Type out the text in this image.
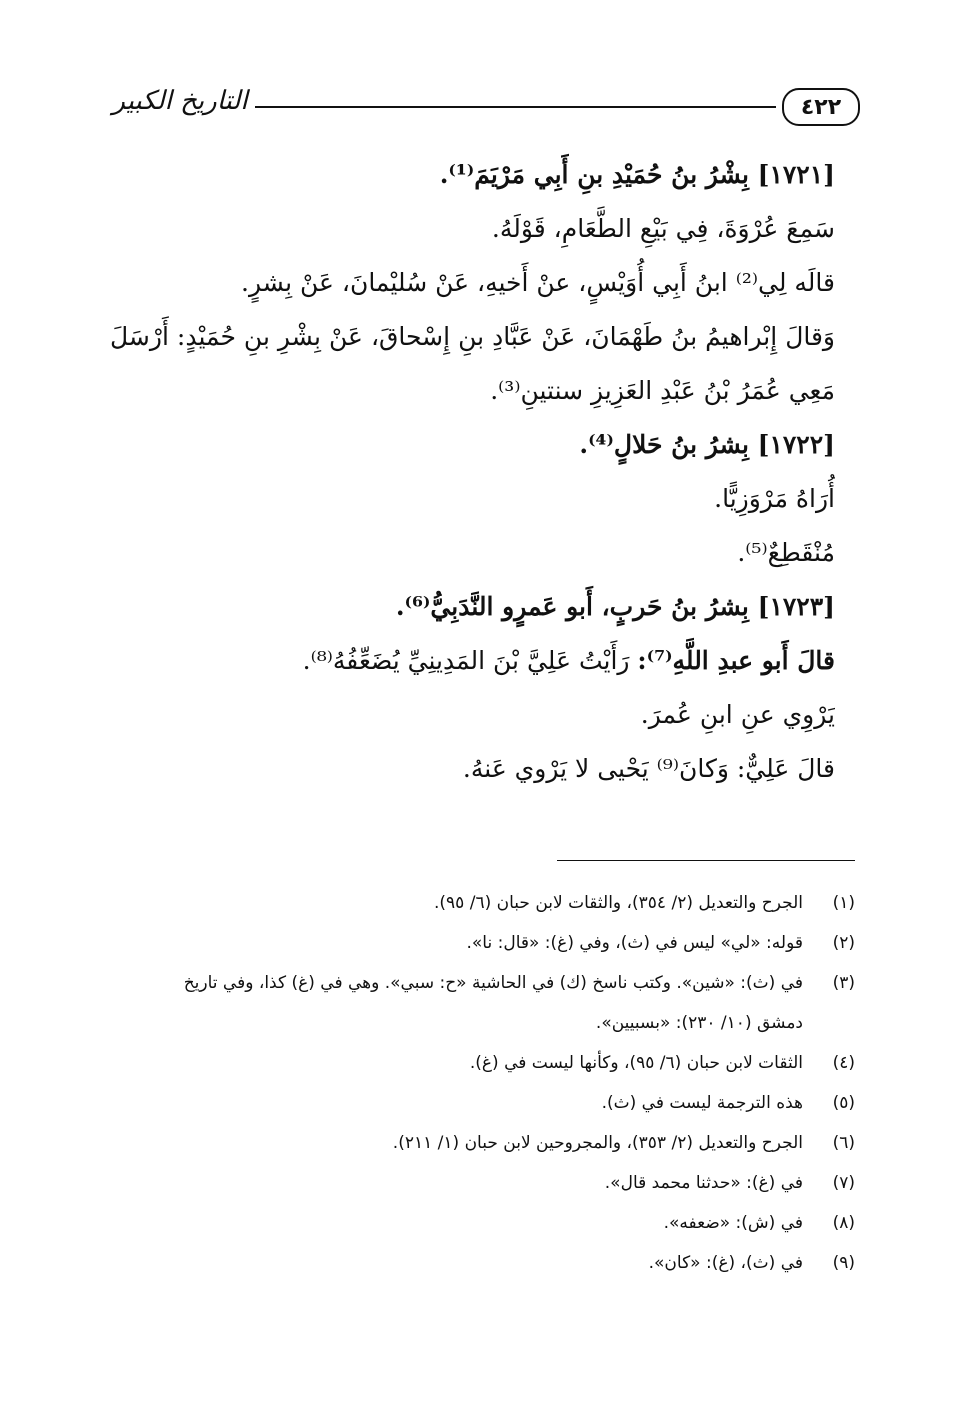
التاريخ الكبير	٤٢٢
[١٧٢١] بِشْرُ بنُ حُمَيْدِ بنِ أَبِي مَرْيَمَ⁽¹⁾.
سَمِعَ عُرْوَةَ، فِي بَيْعِ الطَّعَامِ، قَوْلَهُ.
قالَه لِي⁽²⁾ ابنُ أَبِي أُوَيْسٍ، عنْ أَخيهِ، عَنْ سُليْمانَ، عَنْ بِشرٍ.
وَقالَ إِبْراهيمُ بنُ طَهْمَانَ، عَنْ عَبَّادِ بنِ إِسْحاقَ، عَنْ بِشْرِ بنِ حُمَيْدٍ: أَرْسَلَ
مَعِي عُمَرُ بْنُ عَبْدِ العَزِيزِ سنتينِ⁽³⁾.
[١٧٢٢] بِشرُ بنُ حَلالٍ⁽⁴⁾.
أُرَاهُ مَرْوَزِيًّا.
مُنْقَطِعٌ⁽⁵⁾.
[١٧٢٣] بِشرُ بنُ حَربٍ، أَبو عَمرٍو النَّدَبِيُّ⁽⁶⁾.
قالَ أَبو عبدِ اللَّهِ⁽⁷⁾: رَأَيْتُ عَلِيَّ بْنَ المَدِينِيِّ يُضَعِّفُهُ⁽⁸⁾.
يَرْوِي عنِ ابنِ عُمرَ.
قالَ عَلِيٌّ: وَكانَ⁽⁹⁾ يَحْيى لا يَرْوي عَنهُ.
(١)
الجرح والتعديل (٢/ ٣٥٤)، والثقات لابن حبان (٦/ ٩٥).
(٢)
قوله: «لي» ليس في (ث)، وفي (غ): «قال: نا».
(٣)
في (ث): «شين». وكتب ناسخ (ك) في الحاشية «ح: سبي». وهي في (غ) كذا، وفي تاريخ
دمشق (١٠/ ٢٣٠): «بسبيين».
(٤)
الثقات لابن حبان (٦/ ٩٥)، وكأنها ليست في (غ).
(٥)
هذه الترجمة ليست في (ث).
(٦)
الجرح والتعديل (٢/ ٣٥٣)، والمجروحين لابن حبان (١/ ٢١١).
(٧)
في (غ): «حدثنا محمد قال».
(٨)
في (ش): «ضعفه».
(٩)
في (ث)، (غ): «كان».
